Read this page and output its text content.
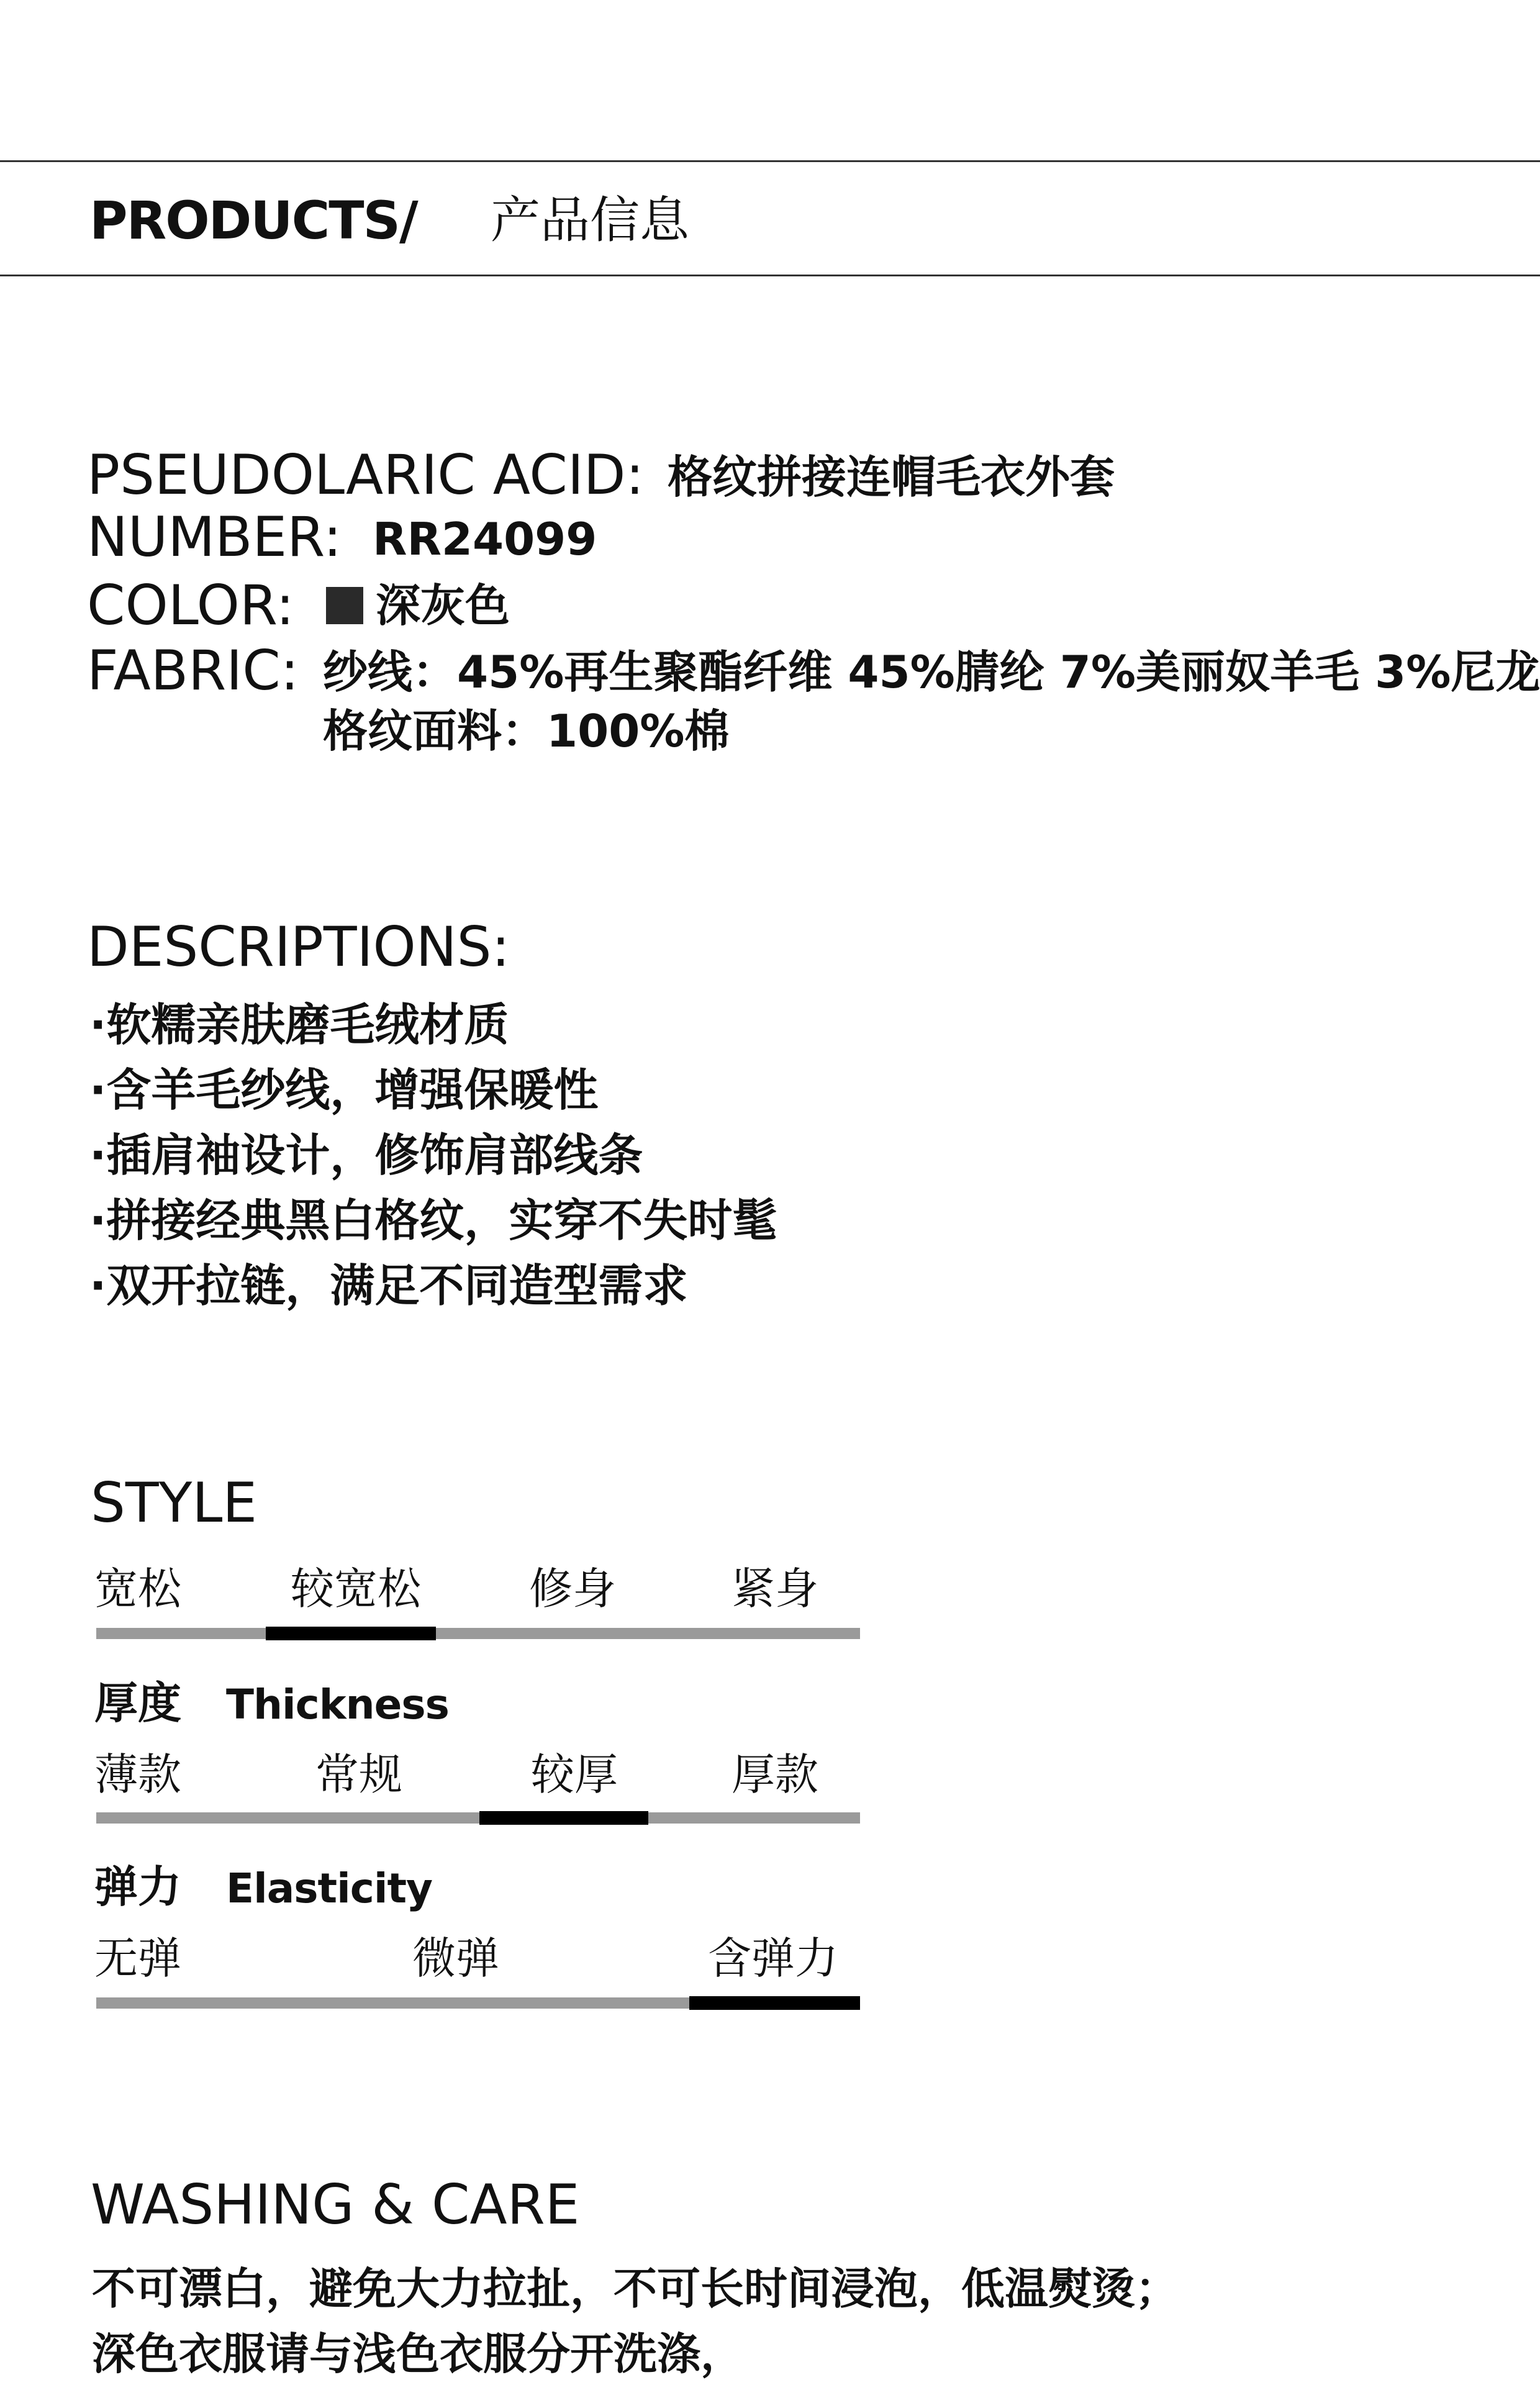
PRODUCTS/ 产品信息
PSEUDOLARIC ACID: 格纹拼接连帽毛衣外套
NUMBER: RR24099
COLOR: 深灰色
FABRIC: 纱线：45%再生聚酯纤维 45%腈纶 7%美丽奴羊毛 3%尼龙
格纹面料：100%棉
DESCRIPTIONS:
·软糯亲肤磨毛绒材质
·含羊毛纱线，增强保暖性
·插肩袖设计，修饰肩部线条
·拼接经典黑白格纹，实穿不失时髦
·双开拉链，满足不同造型需求
STYLE
宽松	较宽松 修身	紧身
厚度 Thickness
薄款	常规	较厚	厚款
弹力 Elasticity
无弹	微弹	含弹力
WASHING & CARE
不可漂白，避免大力拉扯，不可长时间浸泡，低温熨烫；
深色衣服请与浅色衣服分开洗涤，
